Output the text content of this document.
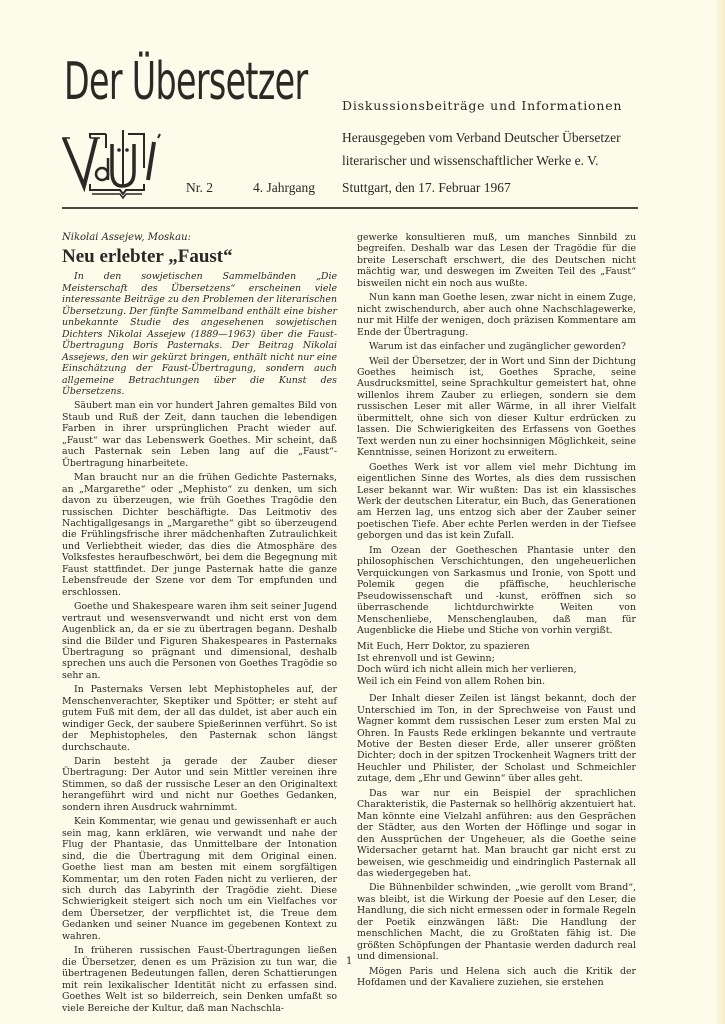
Der Übersetzer	Diskussionsbeiträge und Informationen
Herausgegeben vom Verband Deutscher Übersetzer
literarischer und wissenschaftlicher Werke e. V.
Nr. 2	4. Jahrgang Stuttgart, den 17. Februar 1967
Nikolai Assejew, Moskau:
Neu erlebter „Faust“

In den sowjetischen Sammelbänden „Die Meisterschaft des Übersetzens“ erscheinen viele interessante Beiträge zu den Problemen der literarischen Übersetzung. Der fünfte Sammelband enthält eine bisher unbekannte Studie des angesehenen sowjetischen Dichters Nikolai Assejew (1889—1963) über die Faust-Übertragung Boris Pasternaks. Der Beitrag Nikolai Assejews, den wir gekürzt bringen, enthält nicht nur eine Einschätzung der Faust-Übertragung, sondern auch allgemeine Betrachtungen über die Kunst des Übersetzens.

Säubert man ein vor hundert Jahren gemaltes Bild von Staub und Ruß der Zeit, dann tauchen die lebendigen Farben in ihrer ursprünglichen Pracht wieder auf. „Faust“ war das Lebenswerk Goethes. Mir scheint, daß auch Pasternak sein Leben lang auf die „Faust“-Übertragung hinarbeitete.

Man braucht nur an die frühen Gedichte Pasternaks, an „Margarethe“ oder „Mephisto“ zu denken, um sich davon zu überzeugen, wie früh Goethes Tragödie den russischen Dichter beschäftigte. Das Leitmotiv des Nachtigallgesangs in „Margarethe“ gibt so überzeugend die Frühlingsfrische ihrer mädchenhaften Zutraulichkeit und Verliebtheit wieder, das dies die Atmosphäre des Volksfestes heraufbeschwört, bei dem die Begegnung mit Faust stattfindet. Der junge Pasternak hatte die ganze Lebensfreude der Szene vor dem Tor empfunden und erschlossen.

Goethe und Shakespeare waren ihm seit seiner Jugend vertraut und wesensverwandt und nicht erst von dem Augenblick an, da er sie zu übertragen begann. Deshalb sind die Bilder und Figuren Shakespeares in Pasternaks Übertragung so prägnant und dimensional, deshalb sprechen uns auch die Personen von Goethes Tragödie so sehr an.

In Pasternaks Versen lebt Mephistopheles auf, der Menschenverachter, Skeptiker und Spötter; er steht auf gutem Fuß mit dem, der all das duldet, ist aber auch ein windiger Geck, der saubere Spießerinnen verführt. So ist der Mephistopheles, den Pasternak schon längst durchschaute.

Darin besteht ja gerade der Zauber dieser Übertragung: Der Autor und sein Mittler vereinen ihre Stimmen, so daß der russische Leser an den Originaltext herangeführt wird und nicht nur Goethes Gedanken, sondern ihren Ausdruck wahrnimmt.

Kein Kommentar, wie genau und gewissenhaft er auch sein mag, kann erklären, wie verwandt und nahe der Flug der Phantasie, das Unmittelbare der Intonation sind, die die Übertragung mit dem Original einen. Goethe liest man am besten mit einem sorgfältigen Kommentar, um den roten Faden nicht zu verlieren, der sich durch das Labyrinth der Tragödie zieht. Diese Schwierigkeit steigert sich noch um ein Vielfaches vor dem Übersetzer, der verpflichtet ist, die Treue dem Gedanken und seiner Nuance im gegebenen Kontext zu wahren.

In früheren russischen Faust-Übertragungen ließen die Übersetzer, denen es um Präzision zu tun war, die übertragenen Bedeutungen fallen, deren Schattierungen mit rein lexikalischer Identität nicht zu erfassen sind. Goethes Welt ist so bilderreich, sein Denken umfaßt so viele Bereiche der Kultur, daß man Nachschla-

gewerke konsultieren muß, um manches Sinnbild zu begreifen. Deshalb war das Lesen der Tragödie für die breite Leserschaft erschwert, die des Deutschen nicht mächtig war, und deswegen im Zweiten Teil des „Faust“ bisweilen nicht ein noch aus wußte.

Nun kann man Goethe lesen, zwar nicht in einem Zuge, nicht zwischendurch, aber auch ohne Nachschlagewerke, nur mit Hilfe der wenigen, doch präzisen Kommentare am Ende der Übertragung.

Warum ist das einfacher und zugänglicher geworden?

Weil der Übersetzer, der in Wort und Sinn der Dichtung Goethes heimisch ist, Goethes Sprache, seine Ausdrucksmittel, seine Sprachkultur gemeistert hat, ohne willenlos ihrem Zauber zu erliegen, sondern sie dem russischen Leser mit aller Wärme, in all ihrer Vielfalt übermittelt, ohne sich von dieser Kultur erdrücken zu lassen. Die Schwierigkeiten des Erfassens von Goethes Text werden nun zu einer hochsinnigen Möglichkeit, seine Kenntnisse, seinen Horizont zu erweitern.

Goethes Werk ist vor allem viel mehr Dichtung im eigentlichen Sinne des Wortes, als dies dem russischen Leser bekannt war. Wir wußten: Das ist ein klassisches Werk der deutschen Literatur, ein Buch, das Generationen am Herzen lag, uns entzog sich aber der Zauber seiner poetischen Tiefe. Aber echte Perlen werden in der Tiefsee geborgen und das ist kein Zufall.

Im Ozean der Goetheschen Phantasie unter den philosophischen Verschichtungen, den ungeheuerlichen Verquickungen von Sarkasmus und Ironie, von Spott und Polemik gegen die pfäffische, heuchlerische Pseudowissenschaft und -kunst, eröffnen sich so überraschende lichtdurchwirkte Weiten von Menschenliebe, Menschenglauben, daß man für Augenblicke die Hiebe und Stiche von vorhin vergißt.

Mit Euch, Herr Doktor, zu spazieren
Ist ehrenvoll und ist Gewinn;
Doch würd ich nicht allein mich her verlieren,
Weil ich ein Feind von allem Rohen bin.

Der Inhalt dieser Zeilen ist längst bekannt, doch der Unterschied im Ton, in der Sprechweise von Faust und Wagner kommt dem russischen Leser zum ersten Mal zu Ohren. In Fausts Rede erklingen bekannte und vertraute Motive der Besten dieser Erde, aller unserer größten Dichter; doch in der spitzen Trockenheit Wagners tritt der Heuchler und Philister, der Scholast und Schmeichler zutage, dem „Ehr und Gewinn“ über alles geht.

Das war nur ein Beispiel der sprachlichen Charakteristik, die Pasternak so hellhörig akzentuiert hat. Man könnte eine Vielzahl anführen: aus den Gesprächen der Städter, aus den Worten der Höflinge und sogar in den Aussprüchen der Ungeheuer, als die Goethe seine Widersacher getarnt hat. Man braucht gar nicht erst zu beweisen, wie geschmeidig und eindringlich Pasternak all das wiedergegeben hat.

Die Bühnenbilder schwinden, „wie gerollt vom Brand“, was bleibt, ist die Wirkung der Poesie auf den Leser, die Handlung, die sich nicht ermessen oder in formale Regeln der Poetik einzwängen läßt: Die Handlung der menschlichen Macht, die zu Großtaten fähig ist. Die größten Schöpfungen der Phantasie werden dadurch real und dimensional.

Mögen Paris und Helena sich auch die Kritik der Hofdamen und der Kavaliere zuziehen, sie erstehen

1
